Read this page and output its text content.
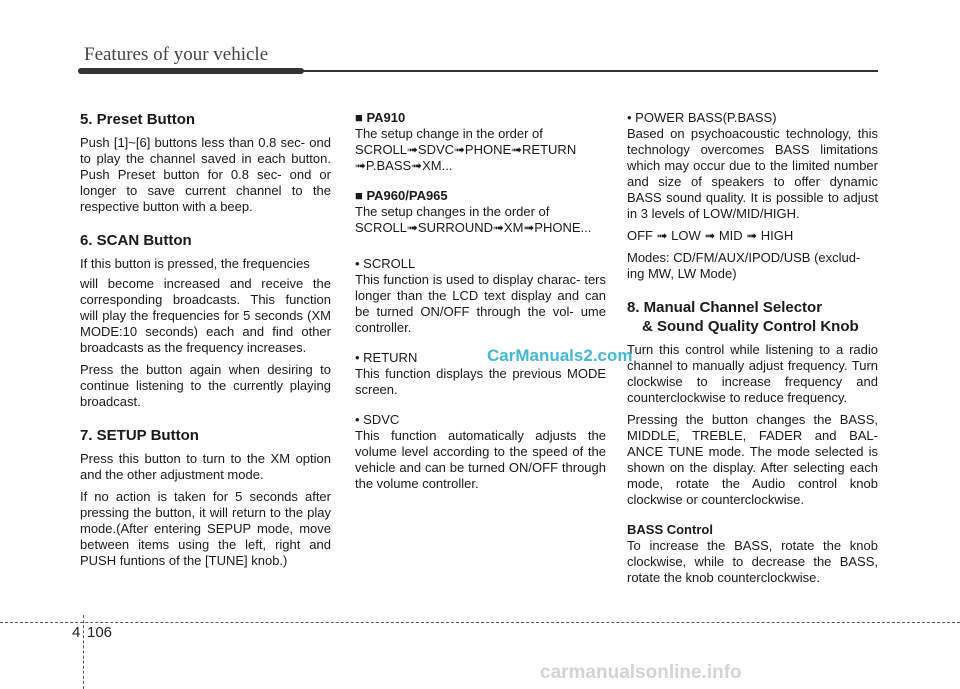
Features of your vehicle
5. Preset Button

Push [1]~[6] buttons less than 0.8 sec- ond to play the channel saved in each button. Push Preset button for 0.8 sec- ond or longer to save current channel to the respective button with a beep.

6. SCAN Button

If this button is pressed, the frequencies

will become increased and receive the corresponding broadcasts. This function will play the frequencies for 5 seconds (XM MODE:10 seconds) each and find other broadcasts as the frequency increases.

Press the button again when desiring to continue listening to the currently playing broadcast.

7. SETUP Button

Press this button to turn to the XM option and the other adjustment mode.

If no action is taken for 5 seconds after pressing the button, it will return to the play mode.(After entering SEPUP mode, move between items using the left, right and PUSH funtions of the [TUNE] knob.)

■ PA910

The setup change in the order of SCROLL➟SDVC➟PHONE➟RETURN ➟P.BASS➟XM...

■ PA960/PA965

The setup changes in the order of SCROLL➟SURROUND➟XM➟PHONE...

• SCROLL

This function is used to display charac- ters longer than the LCD text display and can be turned ON/OFF through the vol- ume controller.

• RETURN

This function displays the previous MODE screen.

• SDVC

This function automatically adjusts the volume level according to the speed of the vehicle and can be turned ON/OFF through the volume controller.

• POWER BASS(P.BASS)

Based on psychoacoustic technology, this technology overcomes BASS limitations which may occur due to the limited number and size of speakers to offer dynamic BASS sound quality. It is possible to adjust in 3 levels of LOW/MID/HIGH.

OFF ➟ LOW ➟ MID ➟ HIGH

Modes: CD/FM/AUX/IPOD/USB (exclud- ing MW, LW Mode)

8. Manual Channel Selector
& Sound Quality Control Knob

Turn this control while listening to a radio channel to manually adjust frequency. Turn clockwise to increase frequency and counterclockwise to reduce frequency.

Pressing the button changes the BASS, MIDDLE, TREBLE, FADER and BAL- ANCE TUNE mode. The mode selected is shown on the display. After selecting each mode, rotate the Audio control knob clockwise or counterclockwise.

BASS Control

To increase the BASS, rotate the knob clockwise, while to decrease the BASS, rotate the knob counterclockwise.

CarManuals2.com
4 106
carmanualsonline.info
